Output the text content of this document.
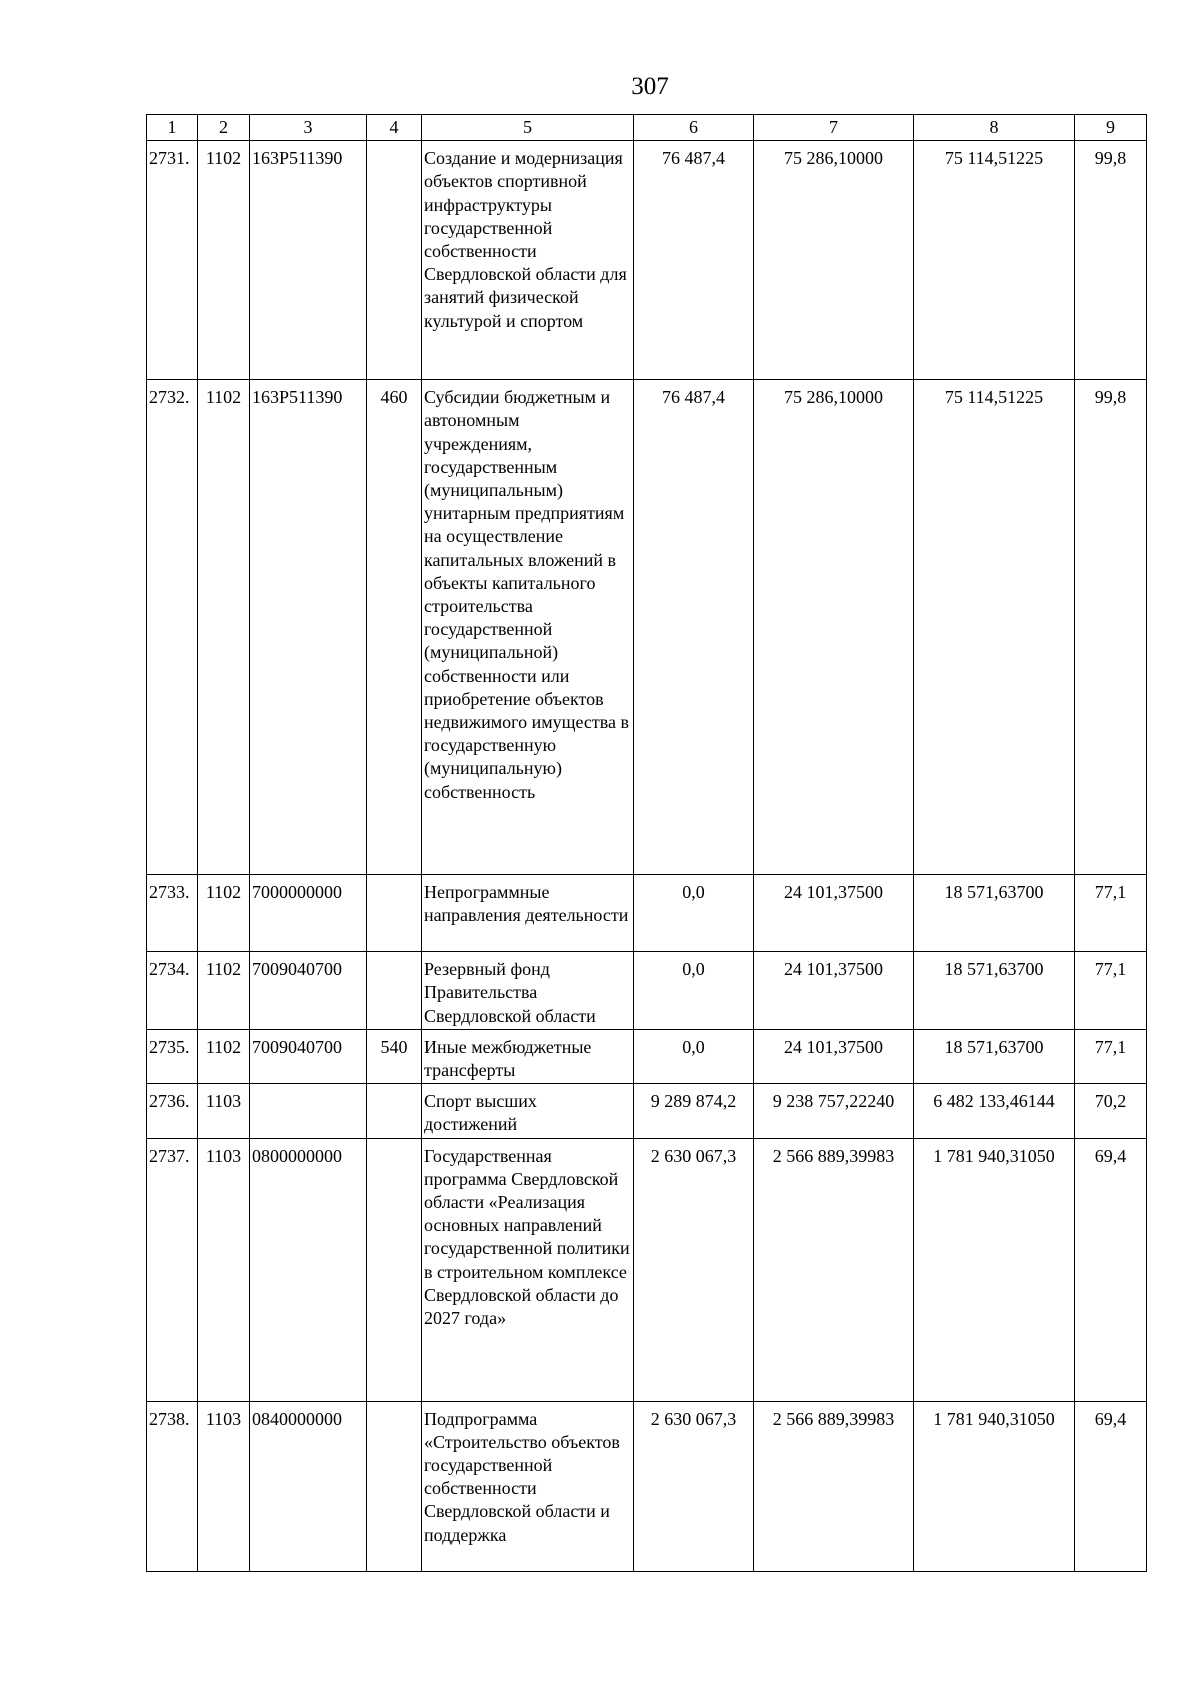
307
1	2	3	4	5	6	7	8	9
2731.	1102	163P511390		Создание и модернизация объектов спортивной инфраструктуры государственной собственности Свердловской области для занятий физической культурой и спортом	76 487,4	75 286,10000	75 114,51225	99,8
2732.	1102	163P511390	460	Субсидии бюджетным и автономным учреждениям, государственным (муниципальным) унитарным предприятиям на осуществление капитальных вложений в объекты капитального строительства государственной (муниципальной) собственности или приобретение объектов недвижимого имущества в государственную (муниципальную) собственность	76 487,4	75 286,10000	75 114,51225	99,8
2733.	1102	7000000000		Непрограммные направления деятельности	0,0	24 101,37500	18 571,63700	77,1
2734.	1102	7009040700		Резервный фонд Правительства Свердловской области	0,0	24 101,37500	18 571,63700	77,1
2735.	1102	7009040700	540	Иные межбюджетные трансферты	0,0	24 101,37500	18 571,63700	77,1
2736.	1103			Спорт высших достижений	9 289 874,2	9 238 757,22240	6 482 133,46144	70,2
2737.	1103	0800000000		Государственная программа Свердловской области «Реализация основных направлений государственной политики в строительном комплексе Свердловской области до 2027 года»	2 630 067,3	2 566 889,39983	1 781 940,31050	69,4
2738.	1103	0840000000		Подпрограмма «Строительство объектов государственной собственности Свердловской области и поддержка	2 630 067,3	2 566 889,39983	1 781 940,31050	69,4
